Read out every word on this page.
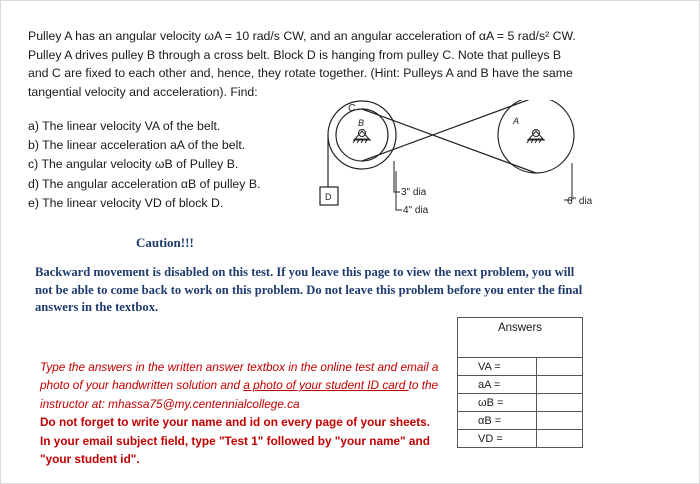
Pulley A has an angular velocity ωA = 10 rad/s CW, and an angular acceleration of αA = 5 rad/s² CW.
Pulley A drives pulley B through a cross belt. Block D is hanging from pulley C. Note that pulleys B
and C are fixed to each other and, hence, they rotate together. (Hint: Pulleys A and B have the same
tangential velocity and acceleration). Find:
a) The linear velocity VA of the belt.
b) The linear acceleration aA of the belt.
c) The angular velocity ωB of Pulley B.
d) The angular acceleration αB of pulley B.
e) The linear velocity VD of block D.	D
C
B	A
3" dia
4" dia
6" dia
Caution!!!
Backward movement is disabled on this test. If you leave this page to view the next problem, you will not be able to come back to work on this problem. Do not leave this problem before you enter the final answers in the textbox.
Type the answers in the written answer textbox in the online test and email a photo of your handwritten solution and a photo of your student ID card to the instructor at: mhassa75@my.centennialcollege.ca
Do not forget to write your name and id on every page of your sheets.
In your email subject field, type "Test 1" followed by "your name" and "your student id".
Answers	
VA =	
aA =	
ωB =	
αB =	
VD =	
